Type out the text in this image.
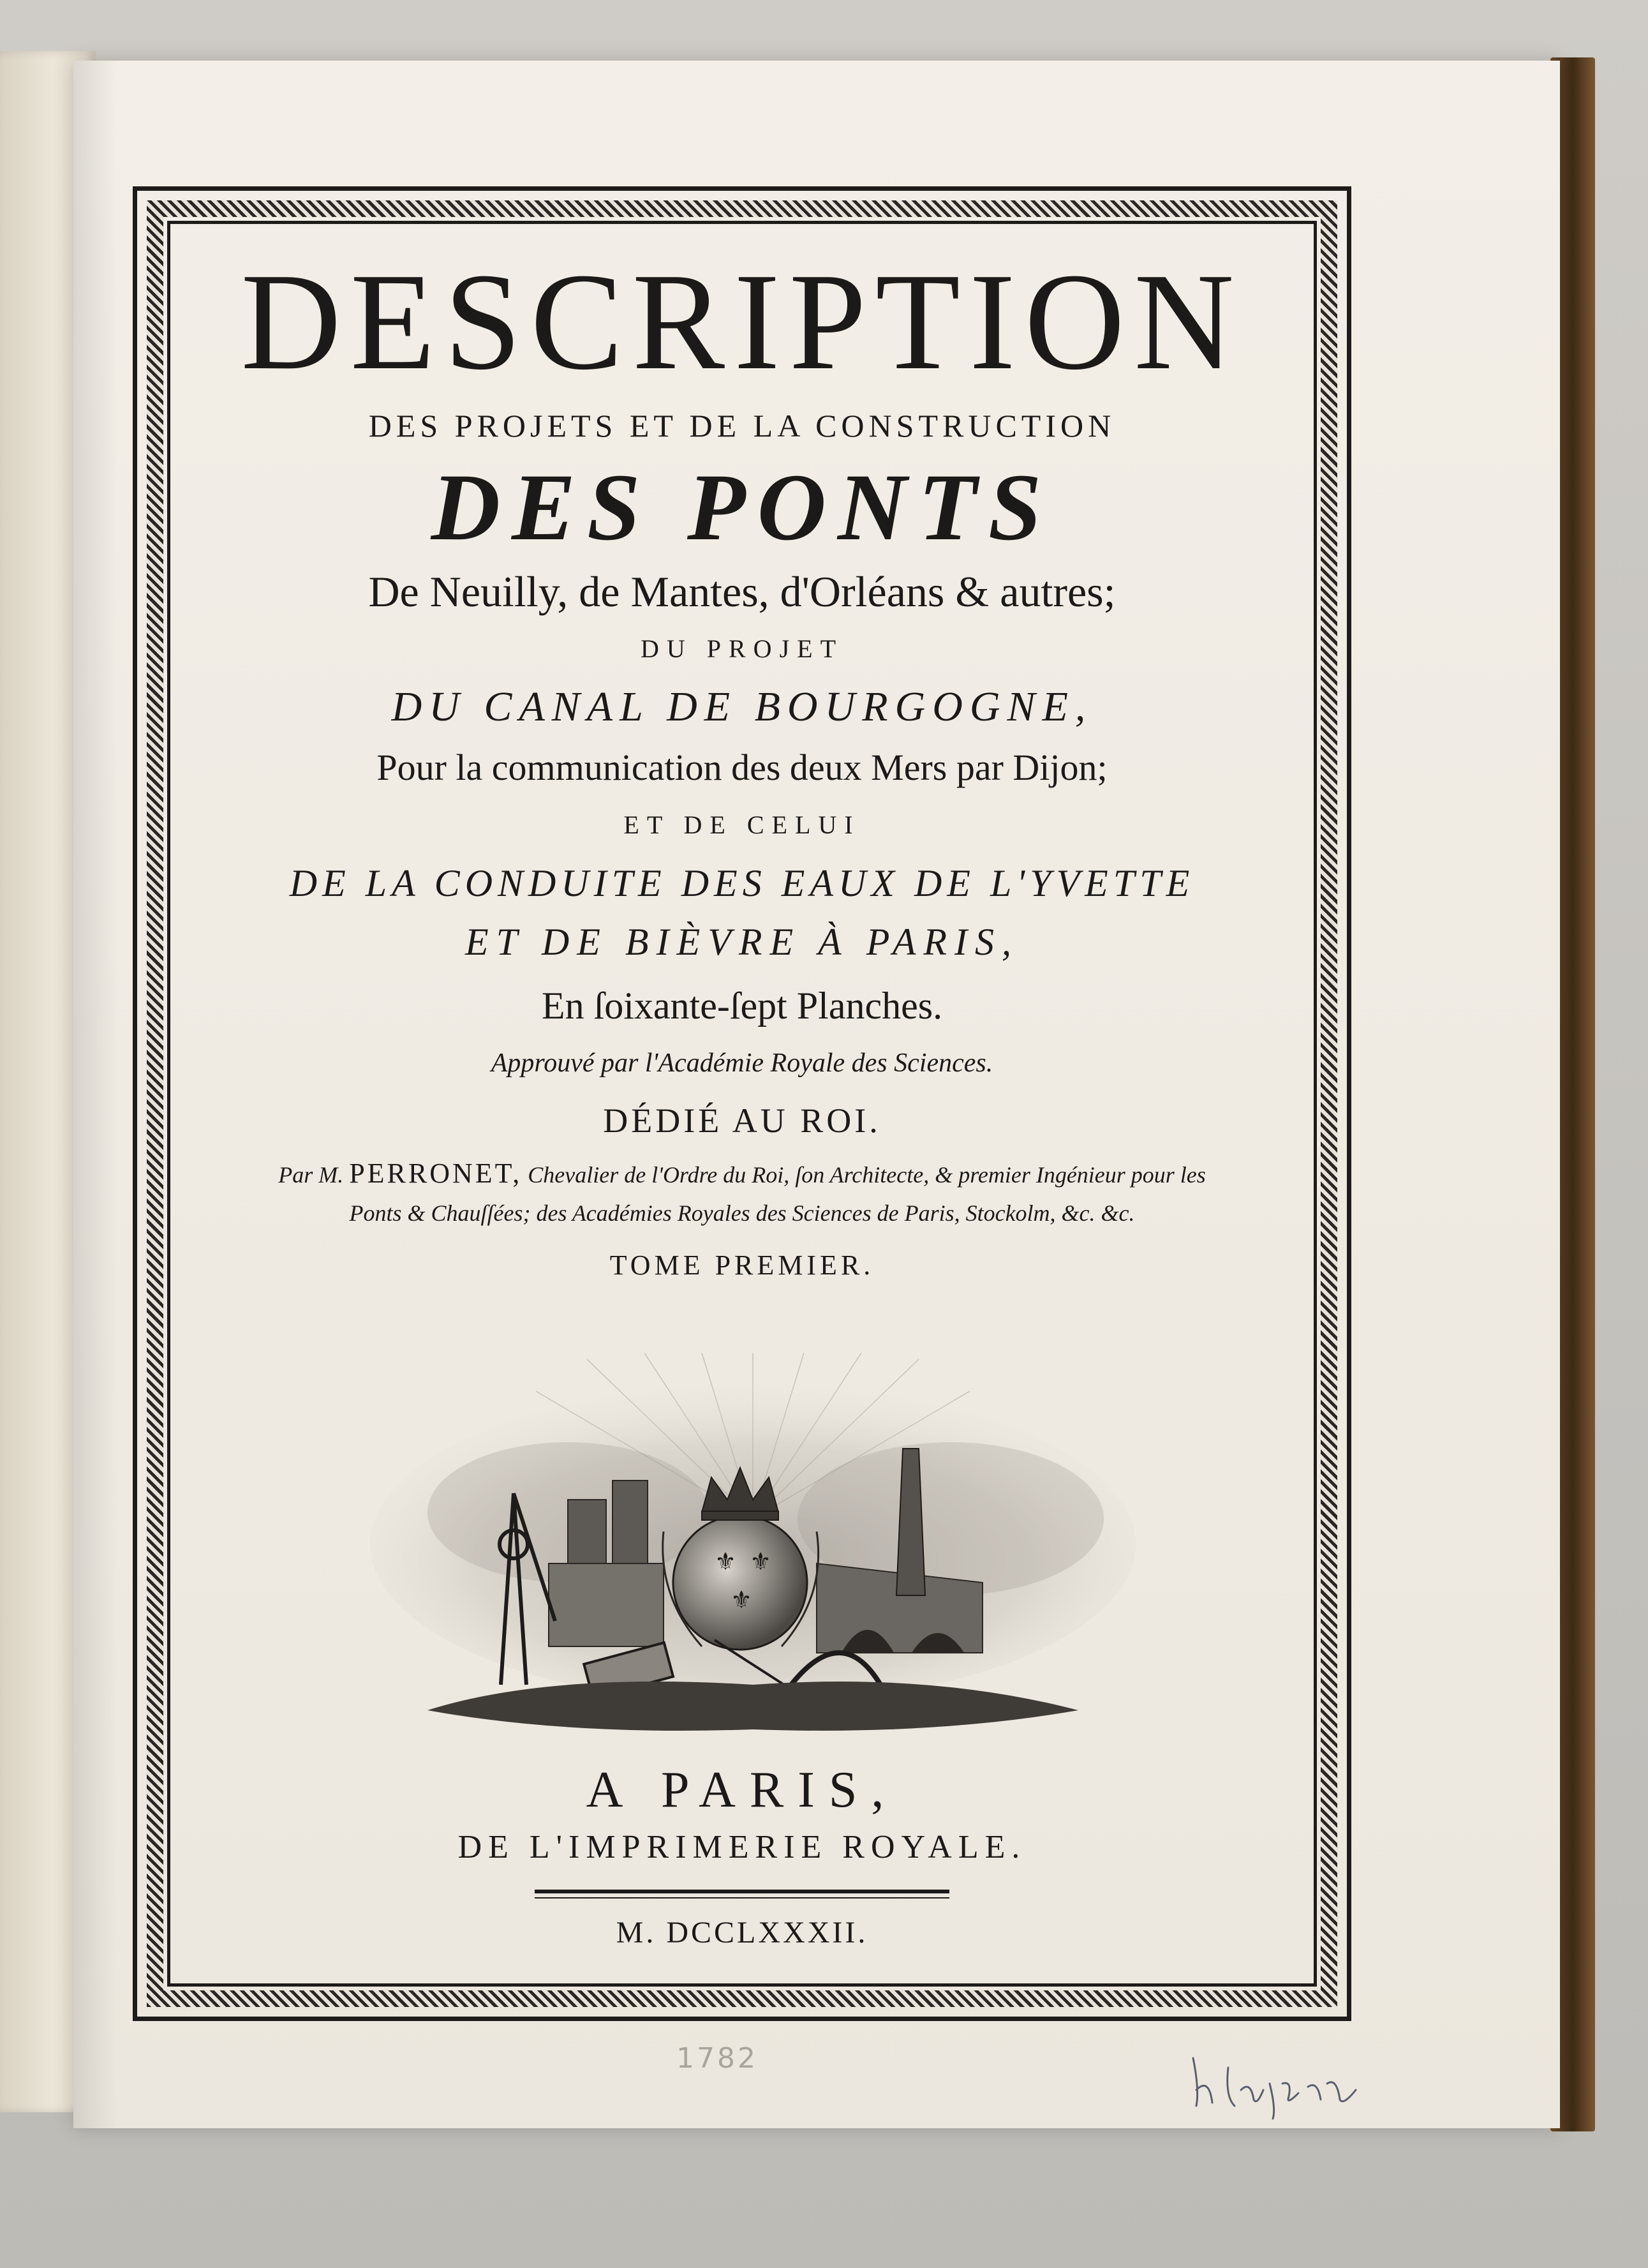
DESCRIPTION
DES PROJETS ET DE LA CONSTRUCTION
DES PONTS
De Neuilly, de Mantes, d'Orléans & autres;
DU PROJET
DU CANAL DE BOURGOGNE,
Pour la communication des deux Mers par Dijon;
ET DE CELUI
DE LA CONDUITE DES EAUX DE L'YVETTE
ET DE BIÈVRE À PARIS,
En ſoixante-ſept Planches.
Approuvé par l'Académie Royale des Sciences.
DÉDIÉ AU ROI.
Par M. PERRONET, Chevalier de l'Ordre du Roi, ſon Architecte, & premier Ingénieur pour les
Ponts & Chauſſées; des Académies Royales des Sciences de Paris, Stockolm, &c. &c.
TOME PREMIER.
⚜ ⚜
⚜
A PARIS,
DE L'IMPRIMERIE ROYALE.
M. DCCLXXXII.
1782
